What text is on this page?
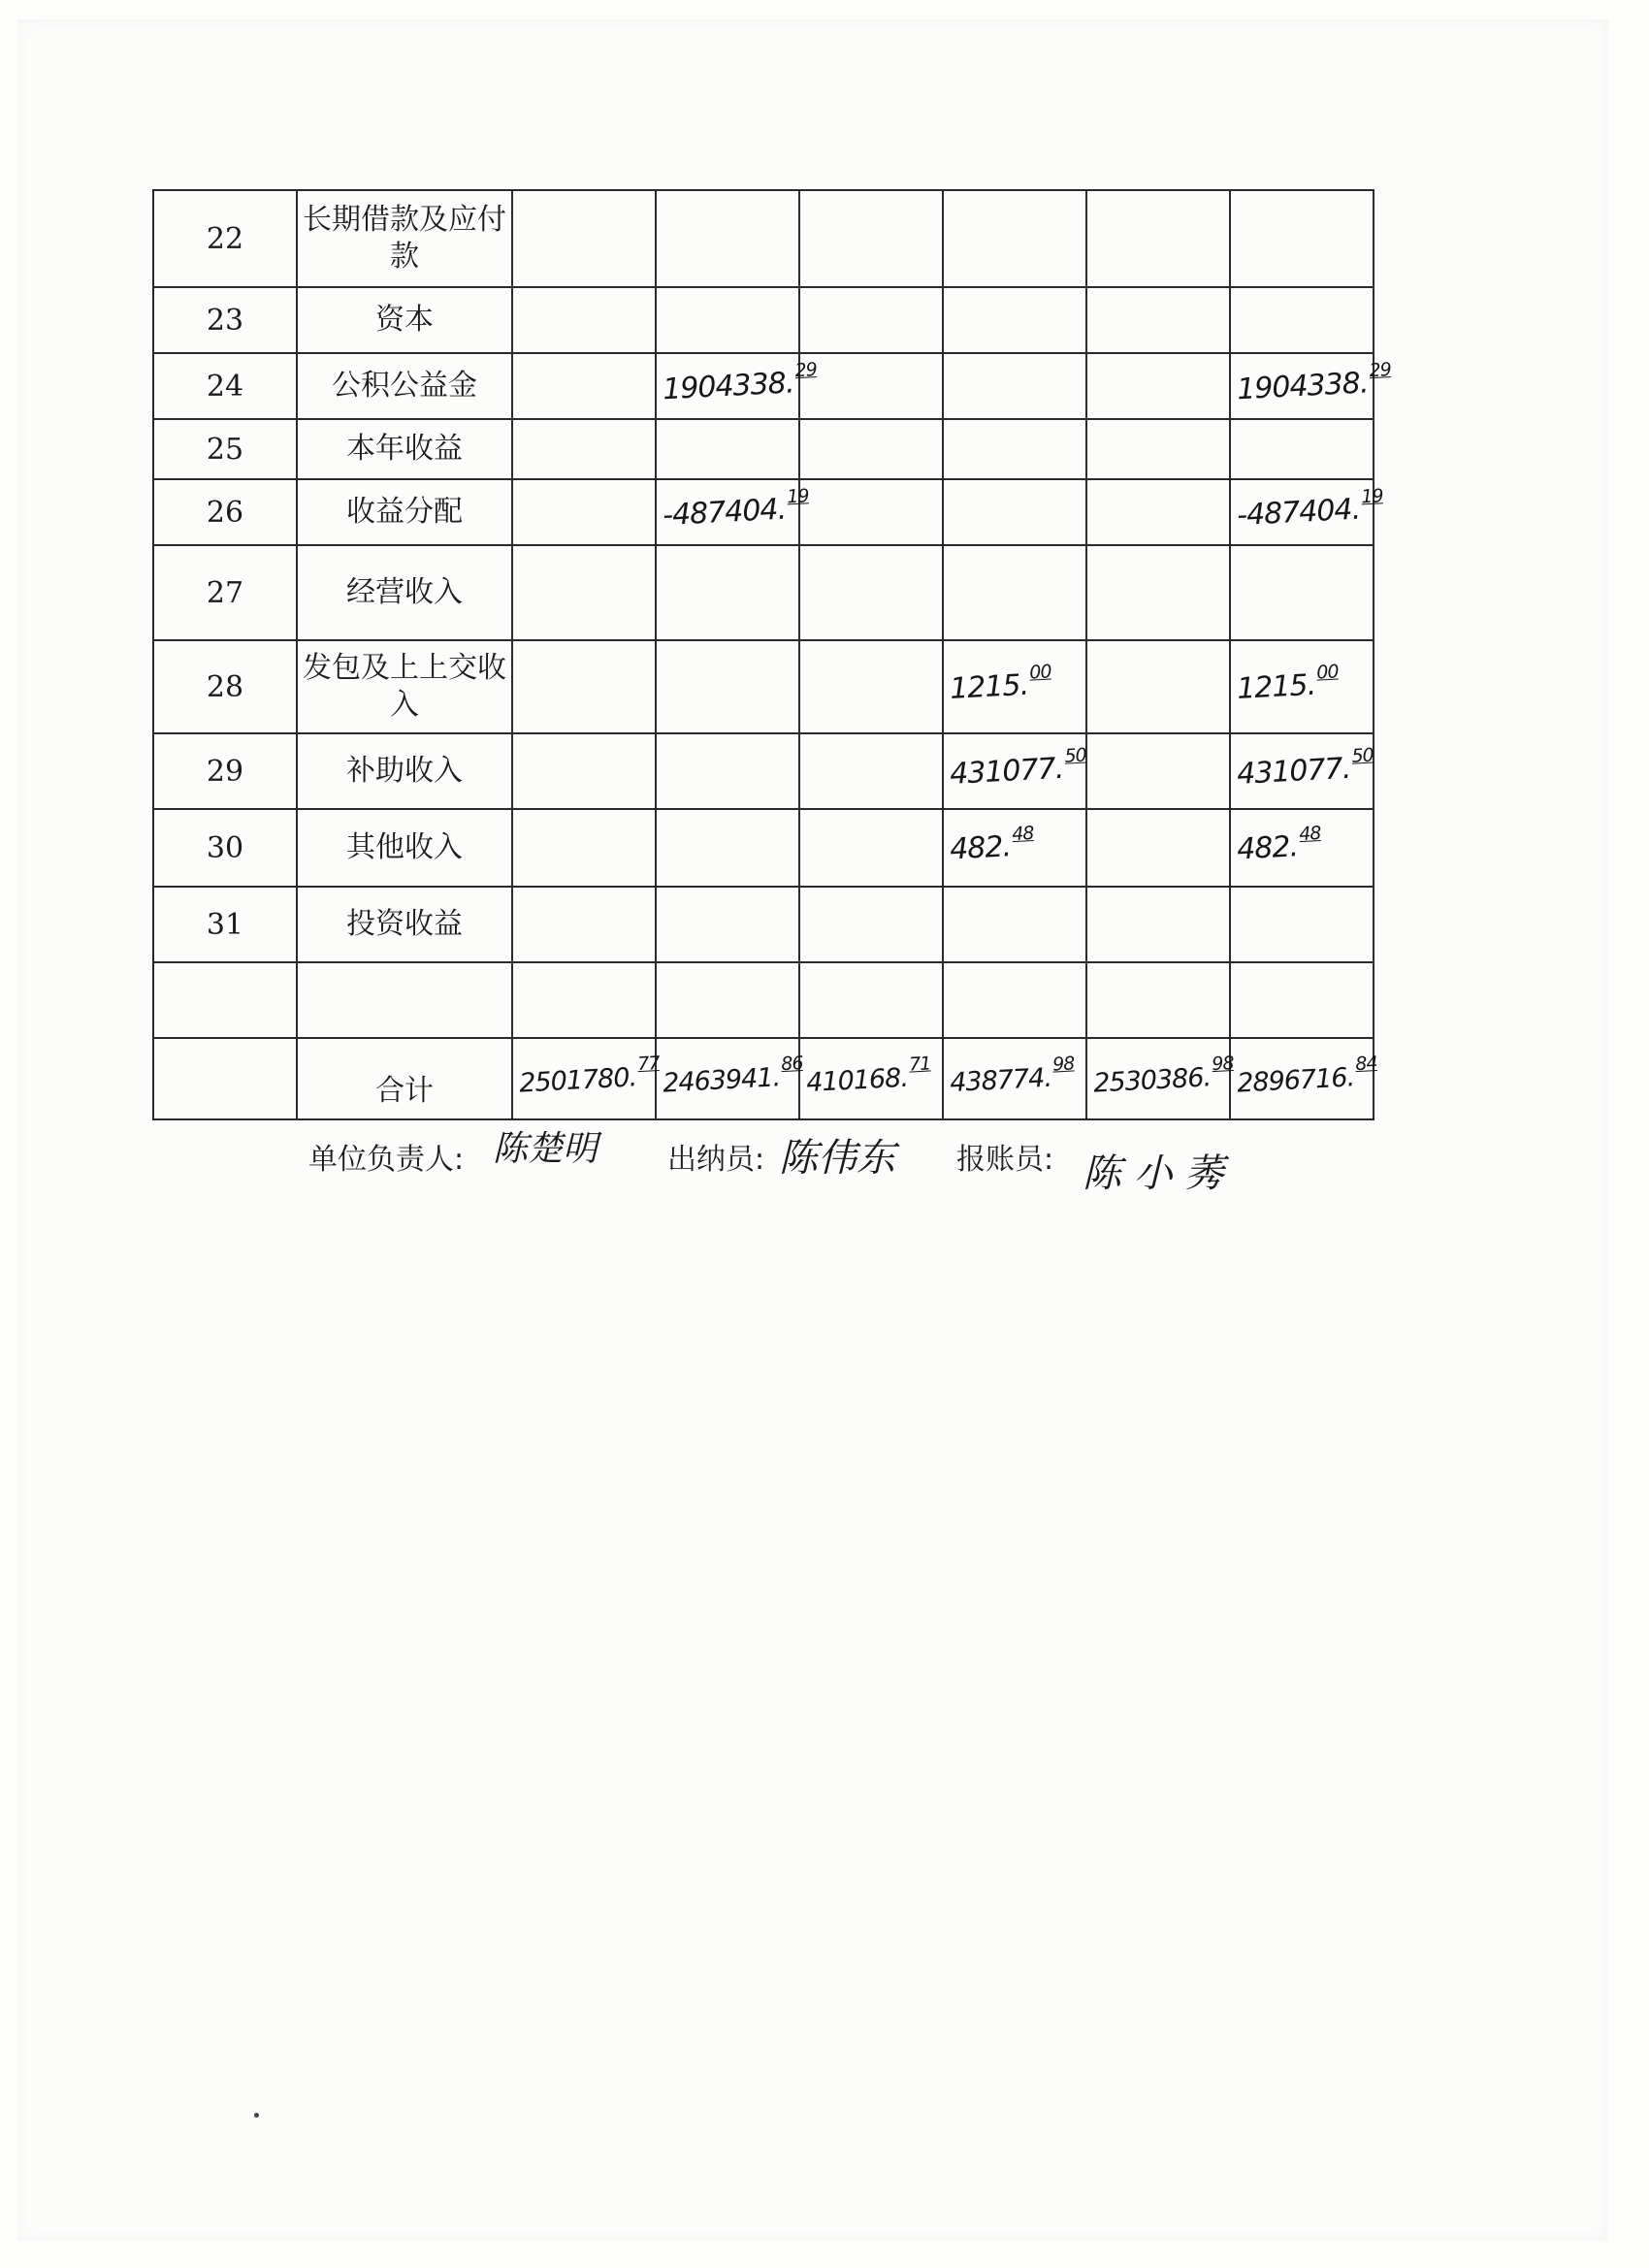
22	长期借款及应付款						
23	资本						
24	公积公益金		1904338.29				1904338.29

25	本年收益						
26	收益分配		-487404.19				-487404.19

27	经营收入						
28	发包及上上交收入				1215.00		1215.00

29	补助收入				431077.50		431077.50

30	其他收入				482.48		482.48

31	投资收益						

	合计	2501780.77	2463941.86	410168.71	438774.98	2530386.98	2896716.84
单位负责人: 陈楚明 出纳员: 陈伟东 报账员: 陈 小 莠
